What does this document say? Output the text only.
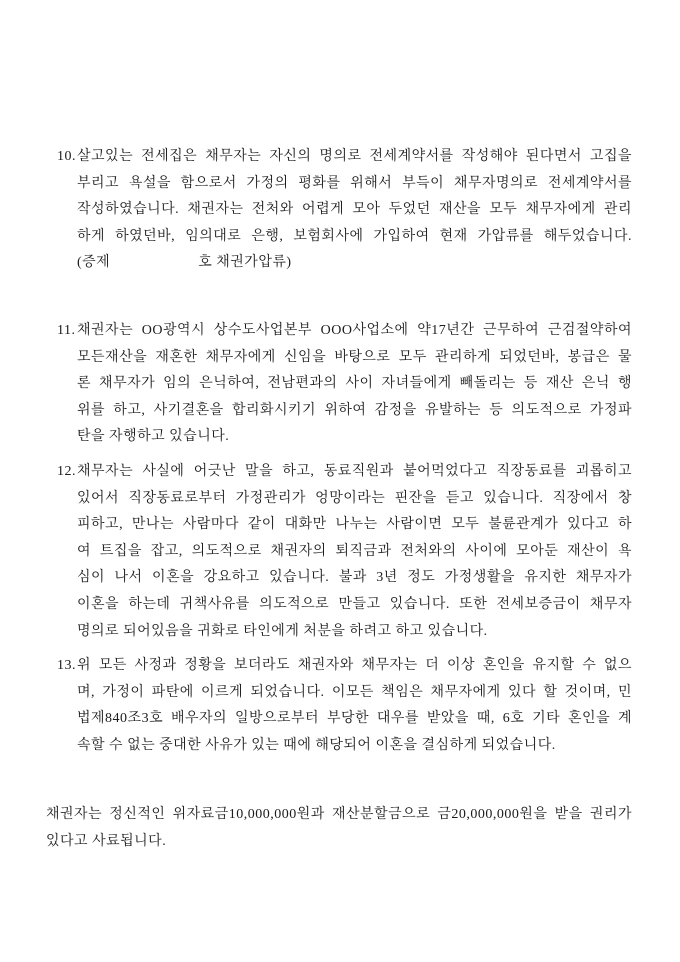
10. 살고있는 전세집은 채무자는 자신의 명의로 전세계약서를 작성해야 된다면서 고집을
부리고 욕설을 함으로서 가정의 평화를 위해서 부득이 채무자명의로 전세계약서를
작성하였습니다. 채권자는 전처와 어렵게 모아 두었던 재산을 모두 채무자에게 관리
하게 하였던바, 임의대로 은행, 보험회사에 가입하여 현재 가압류를 해두었습니다.
(증제	호 채권가압류)
11. 채권자는 OO광역시 상수도사업본부 OOO사업소에 약17년간 근무하여 근검절약하여
모든재산을 재혼한 채무자에게 신임을 바탕으로 모두 관리하게 되었던바, 봉급은 물
론 채무자가 임의 은닉하여, 전남편과의 사이 자녀들에게 빼돌리는 등 재산 은닉 행
위를 하고, 사기결혼을 합리화시키기 위하여 감정을 유발하는 등 의도적으로 가정파
탄을 자행하고 있습니다.
12. 채무자는 사실에 어긋난 말을 하고, 동료직원과 붙어먹었다고 직장동료를 괴롭히고
있어서 직장동료로부터 가정관리가 엉망이라는 핀잔을 듣고 있습니다. 직장에서 창
피하고, 만나는 사람마다 같이 대화만 나누는 사람이면 모두 불륜관계가 있다고 하
여 트집을 잡고, 의도적으로 채권자의 퇴직금과 전처와의 사이에 모아둔 재산이 욕
심이 나서 이혼을 강요하고 있습니다. 불과 3년 정도 가정생활을 유지한 채무자가
이혼을 하는데 귀책사유를 의도적으로 만들고 있습니다. 또한 전세보증금이 채무자
명의로 되어있음을 귀화로 타인에게 처분을 하려고 하고 있습니다.
13. 위 모든 사정과 정황을 보더라도 채권자와 채무자는 더 이상 혼인을 유지할 수 없으
며, 가정이 파탄에 이르게 되었습니다. 이모든 책임은 채무자에게 있다 할 것이며, 민
법제840조3호 배우자의 일방으로부터 부당한 대우를 받았을 때, 6호 기타 혼인을 계
속할 수 없는 중대한 사유가 있는 때에 해당되어 이혼을 결심하게 되었습니다.
채권자는 정신적인 위자료금10,000,000원과 재산분할금으로 금20,000,000원을 받을 권리가
있다고 사료됩니다.
